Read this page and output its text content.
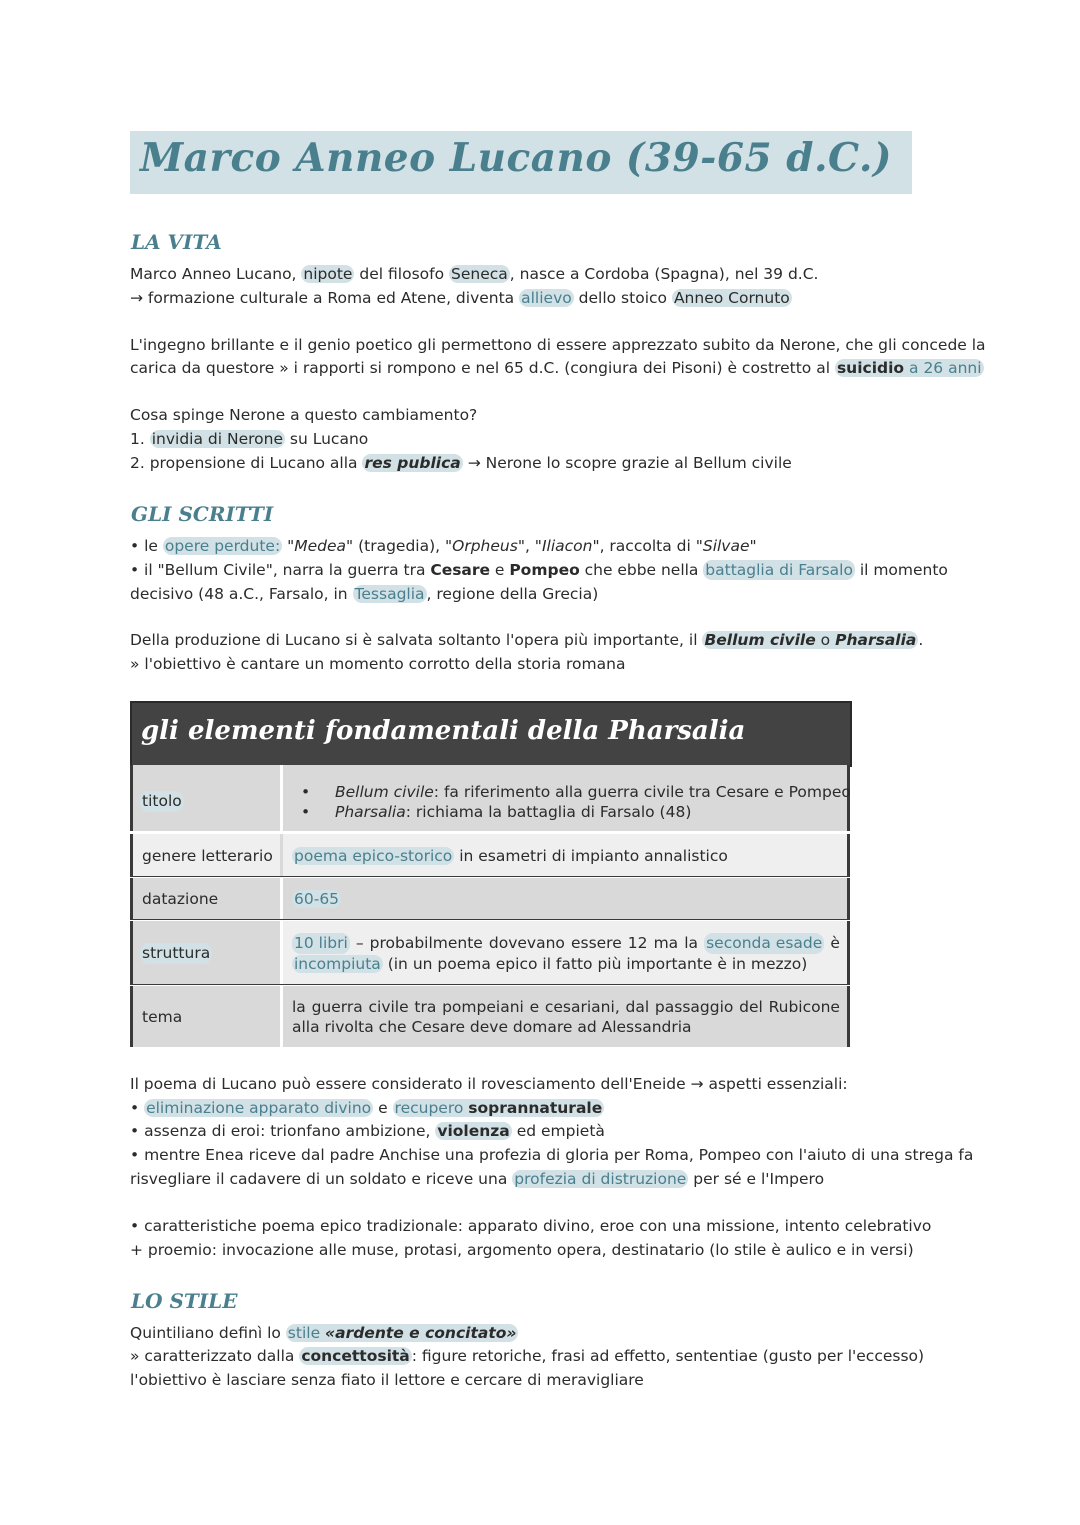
Marco Anneo Lucano (39-65 d.C.)
LA VITA
Marco Anneo Lucano, nipote del filosofo Seneca , nasce a Cordoba (Spagna), nel 39 d.C.
→ formazione culturale a Roma ed Atene, diventa allievo dello stoico Anneo Cornuto
L'ingegno brillante e il genio poetico gli permettono di essere apprezzato subito da Nerone, che gli concede la
carica da questore » i rapporti si rompono e nel 65 d.C. (congiura dei Pisoni) è costretto al suicidio a 26 anni
Cosa spinge Nerone a questo cambiamento?
1. invidia di Nerone su Lucano
2. propensione di Lucano alla res publica → Nerone lo scopre grazie al Bellum civile
GLI SCRITTI
• le opere perdute: "Medea" (tragedia), "Orpheus", "Iliacon", raccolta di "Silvae"
• il "Bellum Civile", narra la guerra tra Cesare e Pompeo che ebbe nella battaglia di Farsalo il momento
decisivo (48 a.C., Farsalo, in Tessaglia , regione della Grecia)
Della produzione di Lucano si è salvata soltanto l'opera più importante, il Bellum civile o Pharsalia .
» l'obiettivo è cantare un momento corrotto della storia romana
gli elementi fondamentali della Pharsalia
titolo	• Bellum civile: fa riferimento alla guerra civile tra Cesare e Pompeo
• Pharsalia: richiama la battaglia di Farsalo (48)
genere letterario poema epico-storico in esametri di impianto annalistico
datazione	60-65
struttura
10 libri – probabilmente dovevano essere 12 ma la seconda esade è
incompiuta (in un poema epico il fatto più importante è in mezzo)
tema
la guerra civile tra pompeiani e cesariani, dal passaggio del Rubicone
alla rivolta che Cesare deve domare ad Alessandria
Il poema di Lucano può essere considerato il rovesciamento dell'Eneide → aspetti essenziali:
• eliminazione apparato divino e recupero soprannaturale
• assenza di eroi: trionfano ambizione, violenza ed empietà
• mentre Enea riceve dal padre Anchise una profezia di gloria per Roma, Pompeo con l'aiuto di una strega fa
risvegliare il cadavere di un soldato e riceve una profezia di distruzione per sé e l'Impero
• caratteristiche poema epico tradizionale: apparato divino, eroe con una missione, intento celebrativo
+ proemio: invocazione alle muse, protasi, argomento opera, destinatario (lo stile è aulico e in versi)
LO STILE
Quintiliano definì lo stile «ardente e concitato»
» caratterizzato dalla concettosità : figure retoriche, frasi ad effetto, sententiae (gusto per l'eccesso)
l'obiettivo è lasciare senza fiato il lettore e cercare di meravigliare
